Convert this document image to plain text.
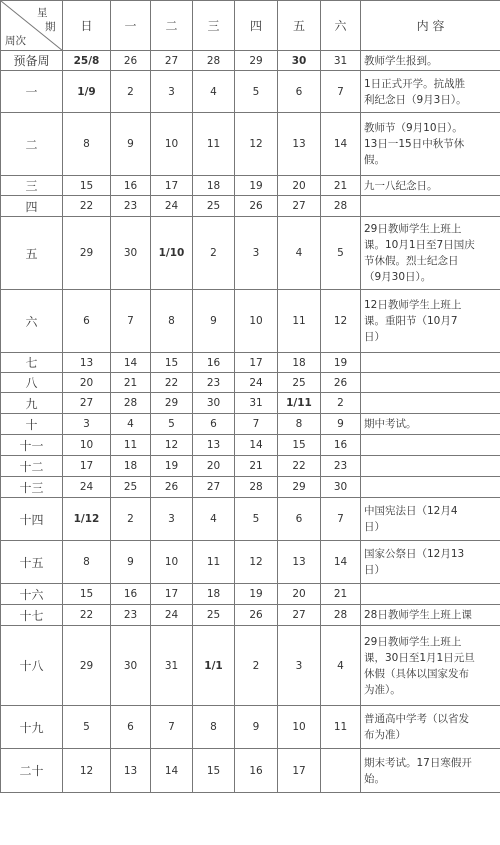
星
期
周次	日	一	二	三	四	五	六	内 容
预备周	25/8	26	27	28	29	30	31	教师学生报到。
一	1/9	2	3	4	5	6	7	1日正式开学。抗战胜
利纪念日（9月3日）。
二	8	9	10	11	12	13	14	教师节（9月10日）。
13日一15日中秋节休
假。
三	15	16	17	18	19	20	21	九一八纪念日。
四	22	23	24	25	26	27	28	
五	29	30	1/10	2	3	4	5	29日教师学生上班上
课。10月1日至7日国庆
节休假。烈士纪念日
（9月30日）。
六	6	7	8	9	10	11	12	12日教师学生上班上
课。重阳节（10月7
日）
七	13	14	15	16	17	18	19	
八	20	21	22	23	24	25	26	
九	27	28	29	30	31	1/11	2	
十	3	4	5	6	7	8	9	期中考试。
十一	10	11	12	13	14	15	16	
十二	17	18	19	20	21	22	23	
十三	24	25	26	27	28	29	30	
十四	1/12	2	3	4	5	6	7	中国宪法日（12月4
日）
十五	8	9	10	11	12	13	14	国家公祭日（12月13
日）
十六	15	16	17	18	19	20	21	
十七	22	23	24	25	26	27	28	28日教师学生上班上课
十八	29	30	31	1/1	2	3	4	29日教师学生上班上
课，30日至1月1日元旦
休假（具体以国家发布
为准）。
十九	5	6	7	8	9	10	11	普通高中学考（以省发
布为准）
二十	12	13	14	15	16	17		期末考试。17日寒假开
始。
